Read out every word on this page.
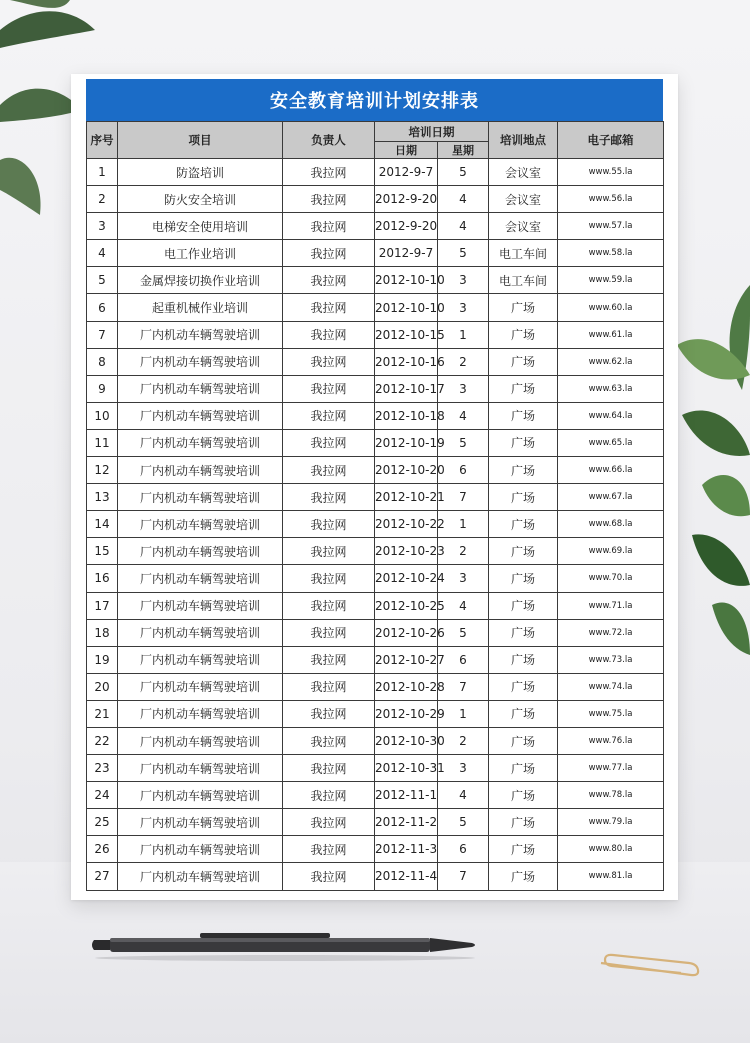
安全教育培训计划安排表
序号	项目	负责人	培训日期		培训地点	电子邮箱
			日期	星期		
1	防盗培训	我拉网	2012-9-7	5	会议室	www.55.la
2	防火安全培训	我拉网	2012-9-20	4	会议室	www.56.la
3	电梯安全使用培训	我拉网	2012-9-20	4	会议室	www.57.la
4	电工作业培训	我拉网	2012-9-7	5	电工车间	www.58.la
5	金属焊接切换作业培训	我拉网	2012-10-10	3	电工车间	www.59.la
6	起重机械作业培训	我拉网	2012-10-10	3	广场	www.60.la
7	厂内机动车辆驾驶培训	我拉网	2012-10-15	1	广场	www.61.la
8	厂内机动车辆驾驶培训	我拉网	2012-10-16	2	广场	www.62.la
9	厂内机动车辆驾驶培训	我拉网	2012-10-17	3	广场	www.63.la
10	厂内机动车辆驾驶培训	我拉网	2012-10-18	4	广场	www.64.la
11	厂内机动车辆驾驶培训	我拉网	2012-10-19	5	广场	www.65.la
12	厂内机动车辆驾驶培训	我拉网	2012-10-20	6	广场	www.66.la
13	厂内机动车辆驾驶培训	我拉网	2012-10-21	7	广场	www.67.la
14	厂内机动车辆驾驶培训	我拉网	2012-10-22	1	广场	www.68.la
15	厂内机动车辆驾驶培训	我拉网	2012-10-23	2	广场	www.69.la
16	厂内机动车辆驾驶培训	我拉网	2012-10-24	3	广场	www.70.la
17	厂内机动车辆驾驶培训	我拉网	2012-10-25	4	广场	www.71.la
18	厂内机动车辆驾驶培训	我拉网	2012-10-26	5	广场	www.72.la
19	厂内机动车辆驾驶培训	我拉网	2012-10-27	6	广场	www.73.la
20	厂内机动车辆驾驶培训	我拉网	2012-10-28	7	广场	www.74.la
21	厂内机动车辆驾驶培训	我拉网	2012-10-29	1	广场	www.75.la
22	厂内机动车辆驾驶培训	我拉网	2012-10-30	2	广场	www.76.la
23	厂内机动车辆驾驶培训	我拉网	2012-10-31	3	广场	www.77.la
24	厂内机动车辆驾驶培训	我拉网	2012-11-1	4	广场	www.78.la
25	厂内机动车辆驾驶培训	我拉网	2012-11-2	5	广场	www.79.la
26	厂内机动车辆驾驶培训	我拉网	2012-11-3	6	广场	www.80.la
27	厂内机动车辆驾驶培训	我拉网	2012-11-4	7	广场	www.81.la
